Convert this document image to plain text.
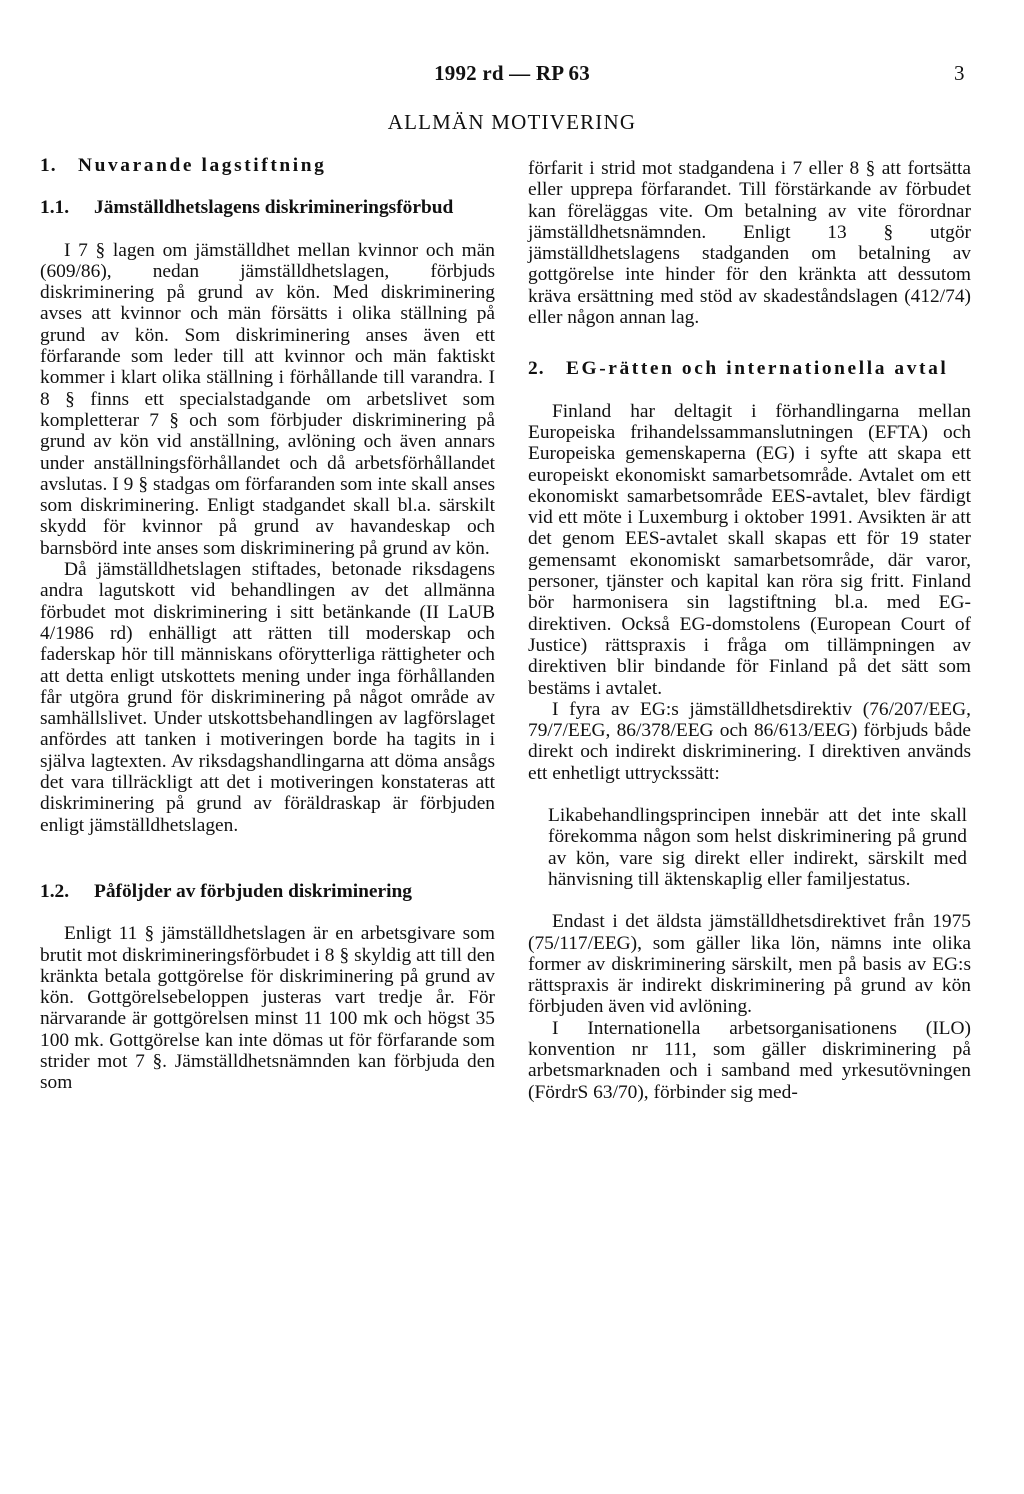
1992 rd — RP 63	3
ALLMÄN MOTIVERING
1.	Nuvarande lagstiftning
1.1.	Jämställdhetslagens diskrimineringsförbud

I 7 § lagen om jämställdhet mellan kvinnor och män (609/86), nedan jämställdhetslagen, förbjuds diskriminering på grund av kön. Med diskriminering avses att kvinnor och män försätts i olika ställning på grund av kön. Som diskriminering anses även ett förfarande som leder till att kvinnor och män faktiskt kommer i klart olika ställning i förhållande till varandra. I 8 § finns ett specialstadgande om arbetslivet som kompletterar 7 § och som förbjuder diskriminering på grund av kön vid anställning, avlöning och även annars under anställningsförhållandet och då arbetsförhållandet avslutas. I 9 § stadgas om förfaranden som inte skall anses som diskriminering. Enligt stadgandet skall bl.a. särskilt skydd för kvinnor på grund av havandeskap och barnsbörd inte anses som diskriminering på grund av kön.

Då jämställdhetslagen stiftades, betonade riksdagens andra lagutskott vid behandlingen av det allmänna förbudet mot diskriminering i sitt betänkande (II LaUB 4/1986 rd) enhälligt att rätten till moderskap och faderskap hör till människans oförytterliga rättigheter och att detta enligt utskottets mening under inga förhållanden får utgöra grund för diskriminering på något område av samhällslivet. Under utskottsbehandlingen av lagförslaget anfördes att tanken i motiveringen borde ha tagits in i själva lagtexten. Av riksdagshandlingarna att döma ansågs det vara tillräckligt att det i motiveringen konstateras att diskriminering på grund av föräldraskap är förbjuden enligt jämställdhetslagen.

1.2.	Påföljder av förbjuden diskriminering

Enligt 11 § jämställdhetslagen är en arbetsgivare som brutit mot diskrimineringsförbudet i 8 § skyldig att till den kränkta betala gottgörelse för diskriminering på grund av kön. Gottgörelsebeloppen justeras vart tredje år. För närvarande är gottgörelsen minst 11 100 mk och högst 35 100 mk. Gottgörelse kan inte dömas ut för förfarande som strider mot 7 §. Jämställdhetsnämnden kan förbjuda den som

förfarit i strid mot stadgandena i 7 eller 8 § att fortsätta eller upprepa förfarandet. Till förstärkande av förbudet kan föreläggas vite. Om betalning av vite förordnar jämställdhetsnämnden. Enligt 13 § utgör jämställdhetslagens stadganden om betalning av gottgörelse inte hinder för den kränkta att dessutom kräva ersättning med stöd av skadeståndslagen (412/74) eller någon annan lag.

2.	EG-rätten och internationella avtal

Finland har deltagit i förhandlingarna mellan Europeiska frihandelssammanslutningen (EFTA) och Europeiska gemenskaperna (EG) i syfte att skapa ett europeiskt ekonomiskt samarbetsområde. Avtalet om ett ekonomiskt samarbetsområde EES-avtalet, blev färdigt vid ett möte i Luxemburg i oktober 1991. Avsikten är att det genom EES-avtalet skall skapas ett för 19 stater gemensamt ekonomiskt samarbetsområde, där varor, personer, tjänster och kapital kan röra sig fritt. Finland bör harmonisera sin lagstiftning bl.a. med EG-direktiven. Också EG-domstolens (European Court of Justice) rättspraxis i fråga om tillämpningen av direktiven blir bindande för Finland på det sätt som bestäms i avtalet.

I fyra av EG:s jämställdhetsdirektiv (76/207/EEG, 79/7/EEG, 86/378/EEG och 86/613/EEG) förbjuds både direkt och indirekt diskriminering. I direktiven används ett enhetligt uttryckssätt:

Likabehandlingsprincipen innebär att det inte skall förekomma någon som helst diskriminering på grund av kön, vare sig direkt eller indirekt, särskilt med hänvisning till äktenskaplig eller familjestatus.

Endast i det äldsta jämställdhetsdirektivet från 1975 (75/117/EEG), som gäller lika lön, nämns inte olika former av diskriminering särskilt, men på basis av EG:s rättspraxis är indirekt diskriminering på grund av kön förbjuden även vid avlöning.

I Internationella arbetsorganisationens (ILO) konvention nr 111, som gäller diskriminering på arbetsmarknaden och i samband med yrkesutövningen (FördrS 63/70), förbinder sig med-
